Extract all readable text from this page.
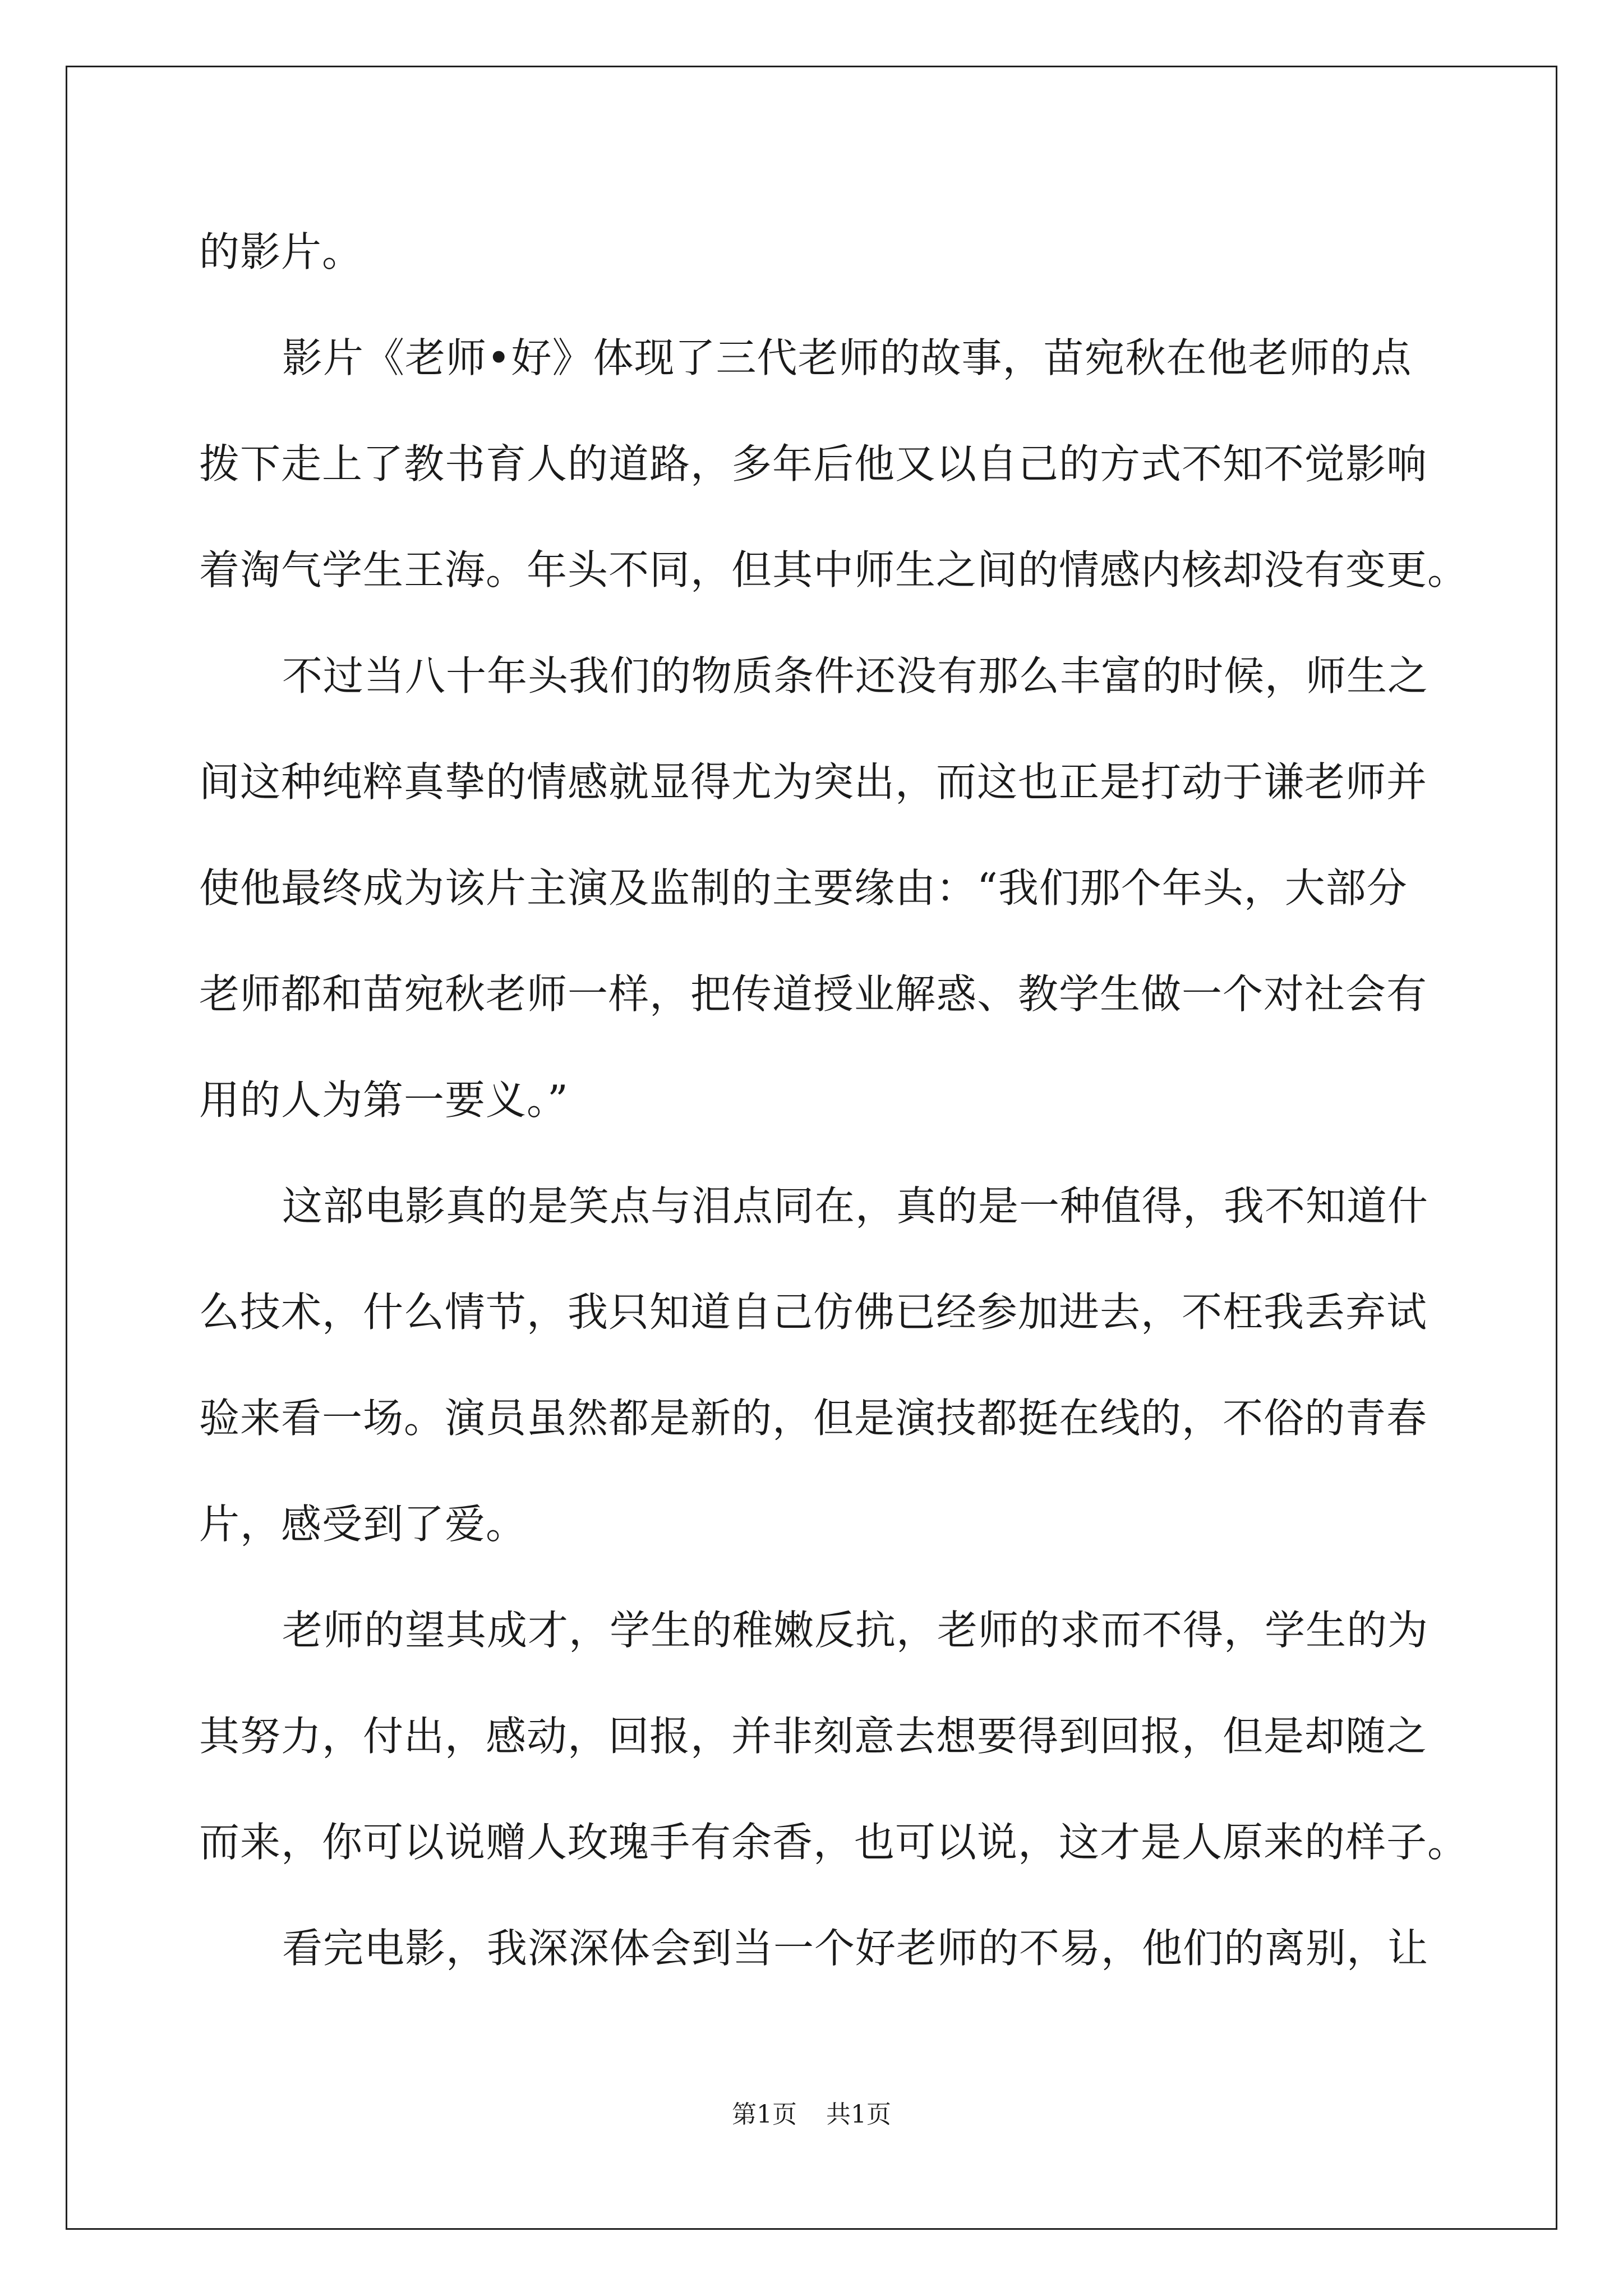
的影片。
影片《老师•好》体现了三代老师的故事，苗宛秋在他老师的点
拨下走上了教书育人的道路，多年后他又以自己的方式不知不觉影响
着淘气学生王海。年头不同，但其中师生之间的情感内核却没有变更。
不过当八十年头我们的物质条件还没有那么丰富的时候，师生之
间这种纯粹真挚的情感就显得尤为突出，而这也正是打动于谦老师并
使他最终成为该片主演及监制的主要缘由：“我们那个年头，大部分
老师都和苗宛秋老师一样，把传道授业解惑、教学生做一个对社会有
用的人为第一要义。”
这部电影真的是笑点与泪点同在，真的是一种值得，我不知道什
么技术，什么情节，我只知道自己仿佛已经参加进去，不枉我丢弃试
验来看一场。演员虽然都是新的，但是演技都挺在线的，不俗的青春
片，感受到了爱。
老师的望其成才，学生的稚嫩反抗，老师的求而不得，学生的为
其努力，付出，感动，回报，并非刻意去想要得到回报，但是却随之
而来，你可以说赠人玫瑰手有余香，也可以说，这才是人原来的样子。
看完电影，我深深体会到当一个好老师的不易，他们的离别，让
第1页 共1页
